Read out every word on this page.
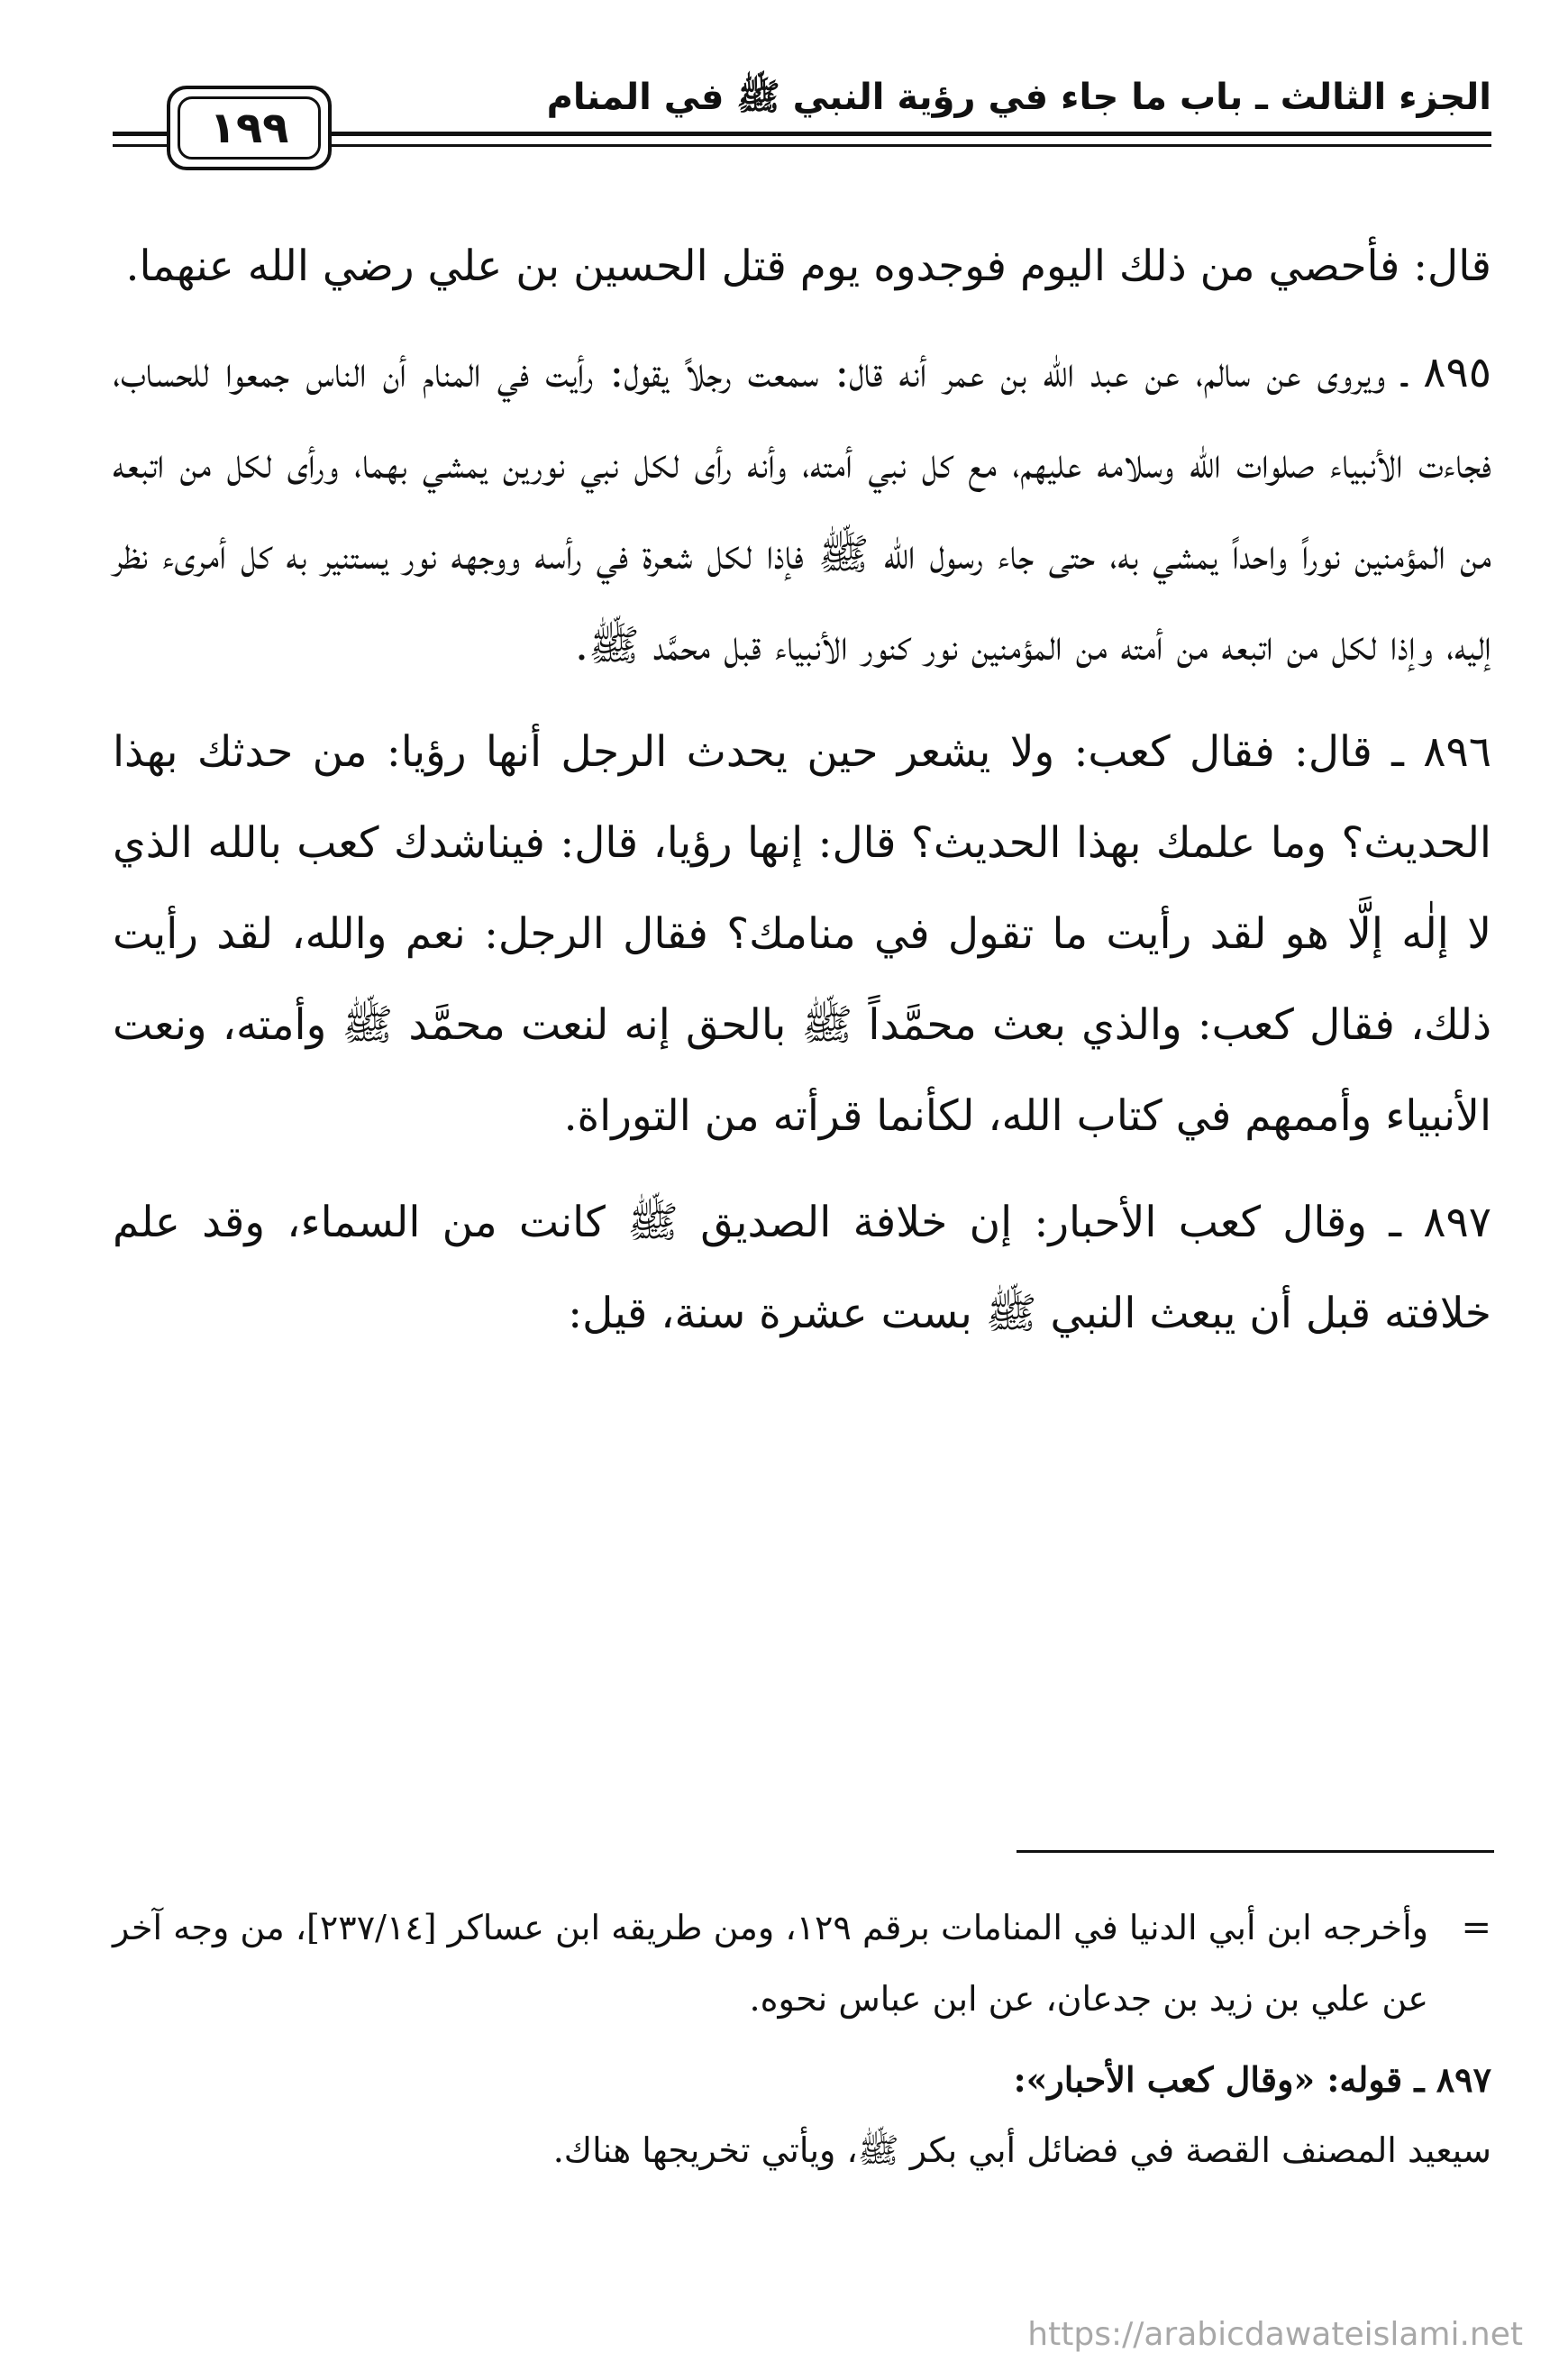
الجزء الثالث ـ باب ما جاء في رؤية النبي ﷺ في المنام
١٩٩

قال: فأحصي من ذلك اليوم فوجدوه يوم قتل الحسين بن علي رضي الله عنهما.

٨٩٥ ـ ويروى عن سالم، عن عبد الله بن عمر أنه قال: سمعت رجلاً يقول: رأيت في المنام أن الناس جمعوا للحساب، فجاءت الأنبياء صلوات الله وسلامه عليهم، مع كل نبي أمته، وأنه رأى لكل نبي نورين يمشي بهما، ورأى لكل من اتبعه من المؤمنين نوراً واحداً يمشي به، حتى جاء رسول الله ﷺ فإذا لكل شعرة في رأسه ووجهه نور يستنير به كل أمرىء نظر إليه، وإذا لكل من اتبعه من أمته من المؤمنين نور كنور الأنبياء قبل محمَّد ﷺ.

٨٩٦ ـ قال: فقال كعب: ولا يشعر حين يحدث الرجل أنها رؤيا: من حدثك بهذا الحديث؟ وما علمك بهذا الحديث؟ قال: إنها رؤيا، قال: فيناشدك كعب بالله الذي لا إلٰه إلَّا هو لقد رأيت ما تقول في منامك؟ فقال الرجل: نعم والله، لقد رأيت ذلك، فقال كعب: والذي بعث محمَّداً ﷺ بالحق إنه لنعت محمَّد ﷺ وأمته، ونعت الأنبياء وأممهم في كتاب الله، لكأنما قرأته من التوراة.

٨٩٧ ـ وقال كعب الأحبار: إن خلافة الصديق ﷺ كانت من السماء، وقد علم خلافته قبل أن يبعث النبي ﷺ بست عشرة سنة، قيل:

=
وأخرجه ابن أبي الدنيا في المنامات برقم ١٢٩، ومن طريقه ابن عساكر [٢٣٧/١٤]، من وجه آخر عن علي بن زيد بن جدعان، عن ابن عباس نحوه.
٨٩٧ ـ قوله: «وقال كعب الأحبار»:

سيعيد المصنف القصة في فضائل أبي بكر ﷺ، ويأتي تخريجها هناك.

https://arabicdawateislami.net
